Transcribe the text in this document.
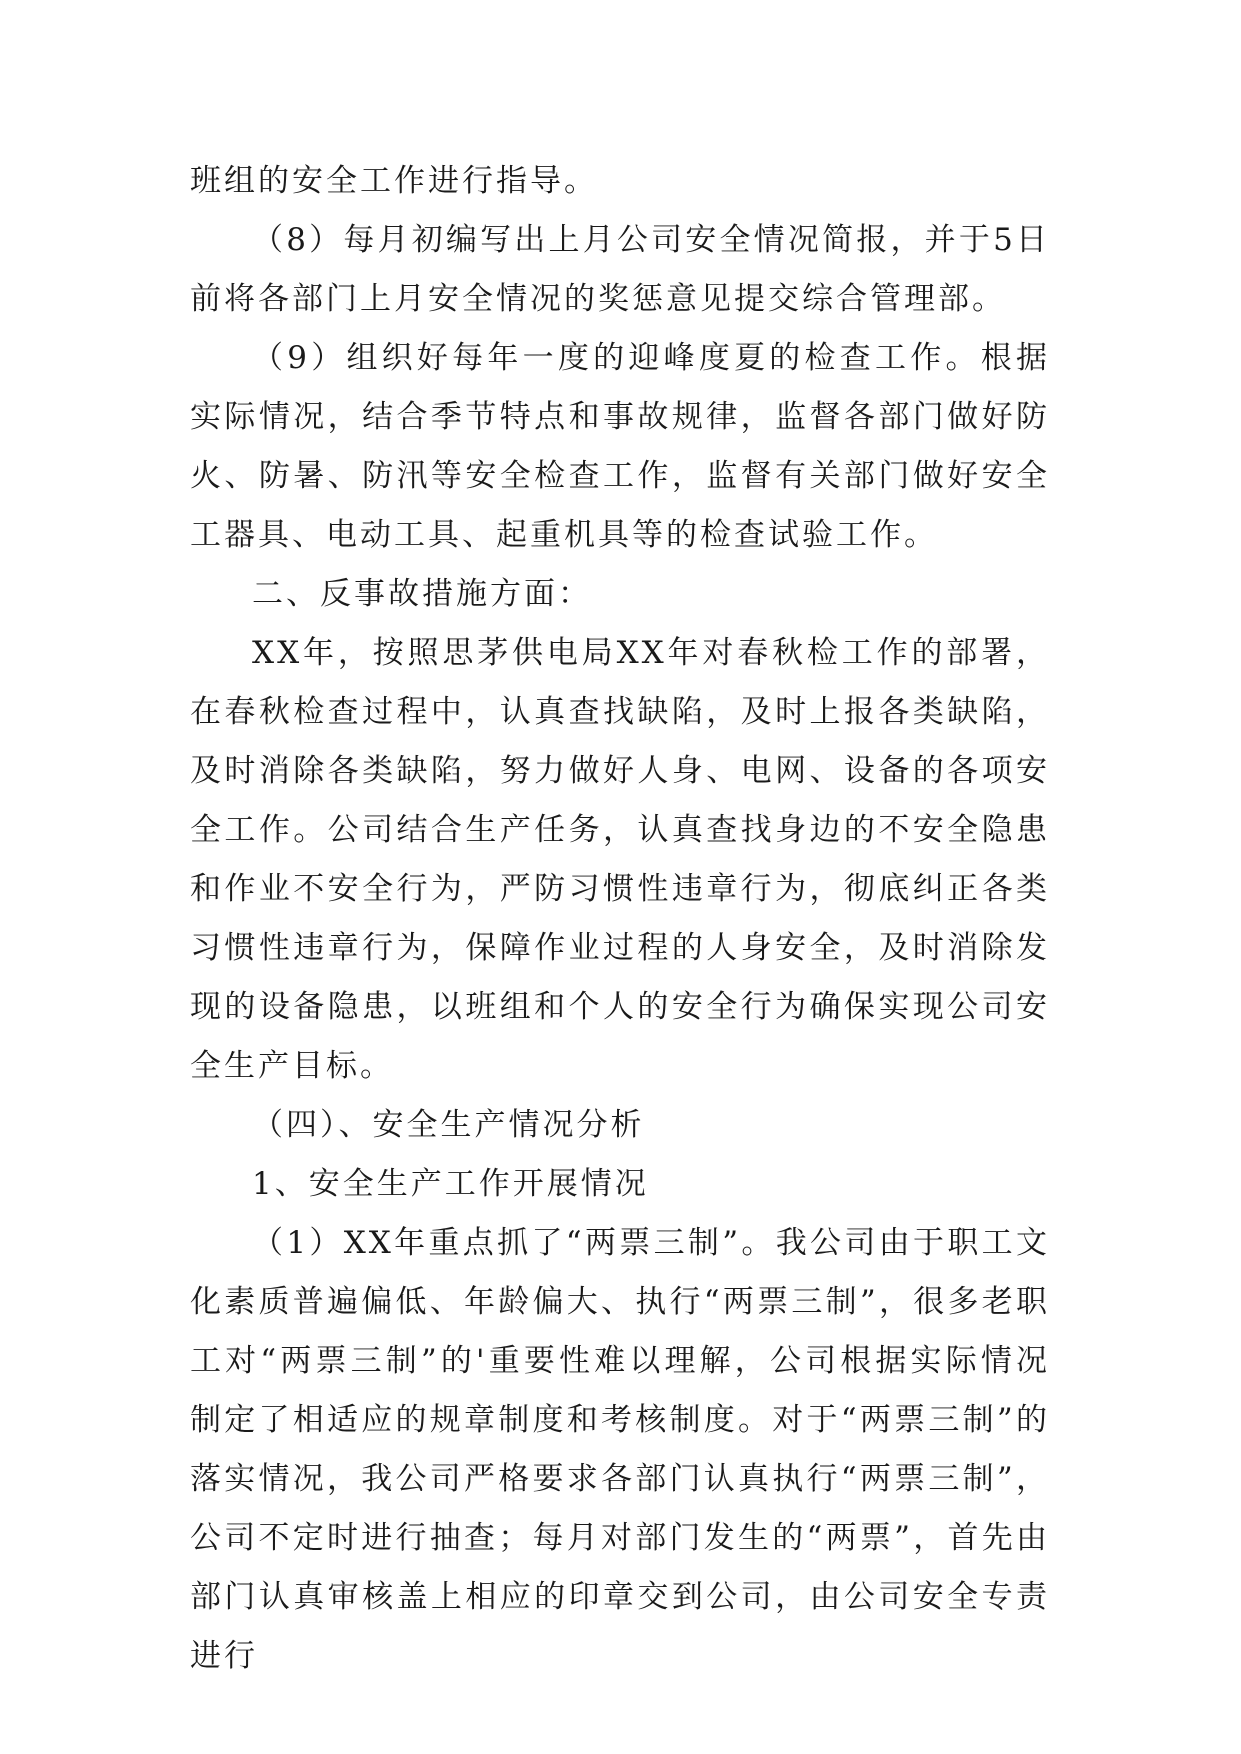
班组的安全工作进行指导。

（8）每月初编写出上月公司安全情况简报，并于5日前将各部门上月安全情况的奖惩意见提交综合管理部。

（9）组织好每年一度的迎峰度夏的检查工作。根据实际情况，结合季节特点和事故规律，监督各部门做好防火、防暑、防汛等安全检查工作，监督有关部门做好安全工器具、电动工具、起重机具等的检查试验工作。

二、反事故措施方面：

XX年，按照思茅供电局XX年对春秋检工作的部署，在春秋检查过程中，认真查找缺陷，及时上报各类缺陷，及时消除各类缺陷，努力做好人身、电网、设备的各项安全工作。公司结合生产任务，认真查找身边的不安全隐患和作业不安全行为，严防习惯性违章行为，彻底纠正各类习惯性违章行为，保障作业过程的人身安全，及时消除发现的设备隐患，以班组和个人的安全行为确保实现公司安全生产目标。

（四）、安全生产情况分析

1、安全生产工作开展情况

（1）XX年重点抓了“两票三制”。我公司由于职工文化素质普遍偏低、年龄偏大、执行“两票三制”，很多老职工对“两票三制”的'重要性难以理解，公司根据实际情况制定了相适应的规章制度和考核制度。对于“两票三制”的落实情况，我公司严格要求各部门认真执行“两票三制”，公司不定时进行抽查；每月对部门发生的“两票”，首先由部门认真审核盖上相应的印章交到公司，由公司安全专责进行
